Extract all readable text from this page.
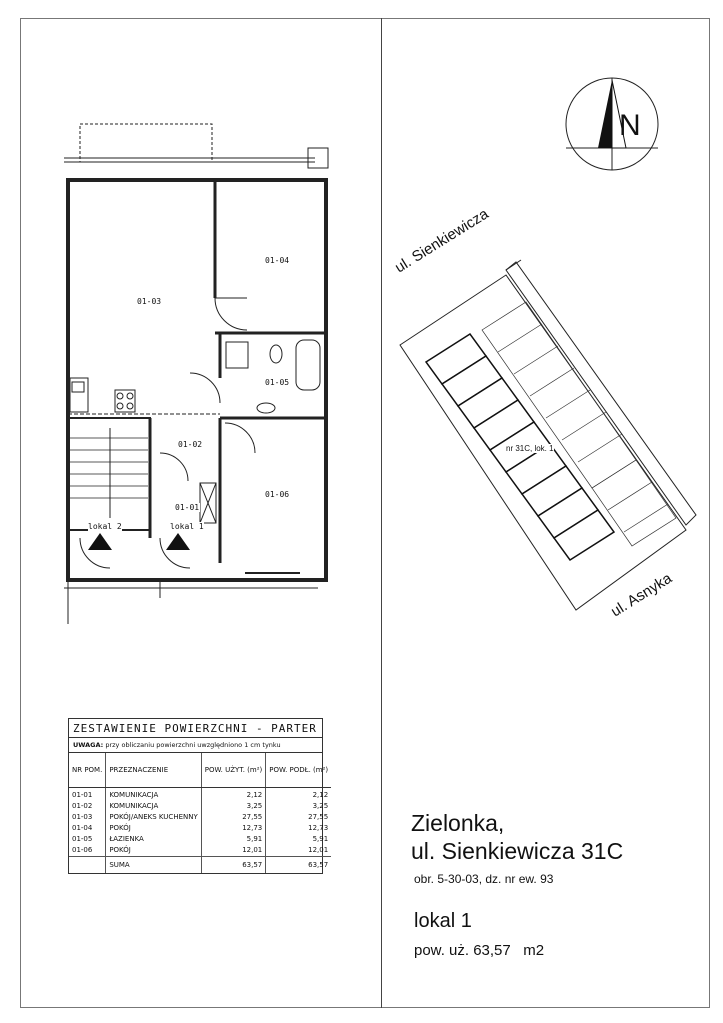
01-03
01-04
01-05
01-02
01-06
01-01
lokal 2	lokal 1
N
ul. Sienkiewicza
ul. Asnyka
nr 31C, lok. 1
ZESTAWIENIE POWIERZCHNI - PARTER
UWAGA: przy obliczaniu powierzchni uwzględniono 1 cm tynku
NR POM.	PRZEZNACZENIE	POW. UŻYT. (m²)	POW. PODŁ. (m²)
01-01	KOMUNIKACJA	2,12	2,12
01-02	KOMUNIKACJA	3,25	3,25
01-03	POKÓJ/ANEKS KUCHENNY	27,55	27,55
01-04	POKÓJ	12,73	12,73
01-05	ŁAZIENKA	5,91	5,91
01-06	POKÓJ	12,01	12,01
	SUMA	63,57	63,57
Zielonka,
ul. Sienkiewicza 31C
obr. 5-30-03, dz. nr ew. 93
lokal 1
pow. uż. 63,57   m2
